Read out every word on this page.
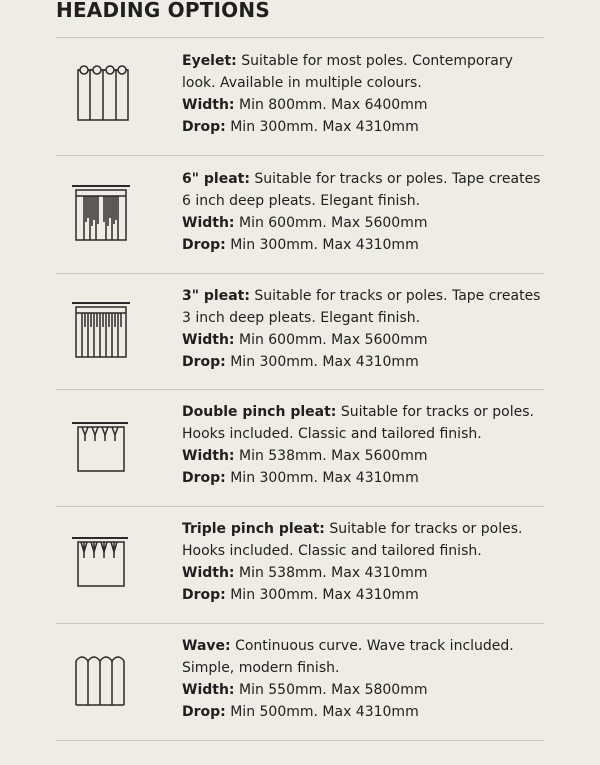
HEADING OPTIONS

Eyelet: Suitable for most poles. Contemporary look. Available in multiple colours.

Width: Min 800mm. Max 6400mm

Drop: Min 300mm. Max 4310mm

6" pleat: Suitable for tracks or poles. Tape creates 6 inch deep pleats. Elegant finish.

Width: Min 600mm. Max 5600mm

Drop: Min 300mm. Max 4310mm

3" pleat: Suitable for tracks or poles. Tape creates 3 inch deep pleats. Elegant finish.

Width: Min 600mm. Max 5600mm

Drop: Min 300mm. Max 4310mm

Double pinch pleat: Suitable for tracks or poles. Hooks included. Classic and tailored finish.

Width: Min 538mm. Max 5600mm

Drop: Min 300mm. Max 4310mm

Triple pinch pleat: Suitable for tracks or poles. Hooks included. Classic and tailored finish.

Width: Min 538mm. Max 4310mm

Drop: Min 300mm. Max 4310mm

Wave: Continuous curve. Wave track included. Simple, modern finish.

Width: Min 550mm. Max 5800mm

Drop: Min 500mm. Max 4310mm
